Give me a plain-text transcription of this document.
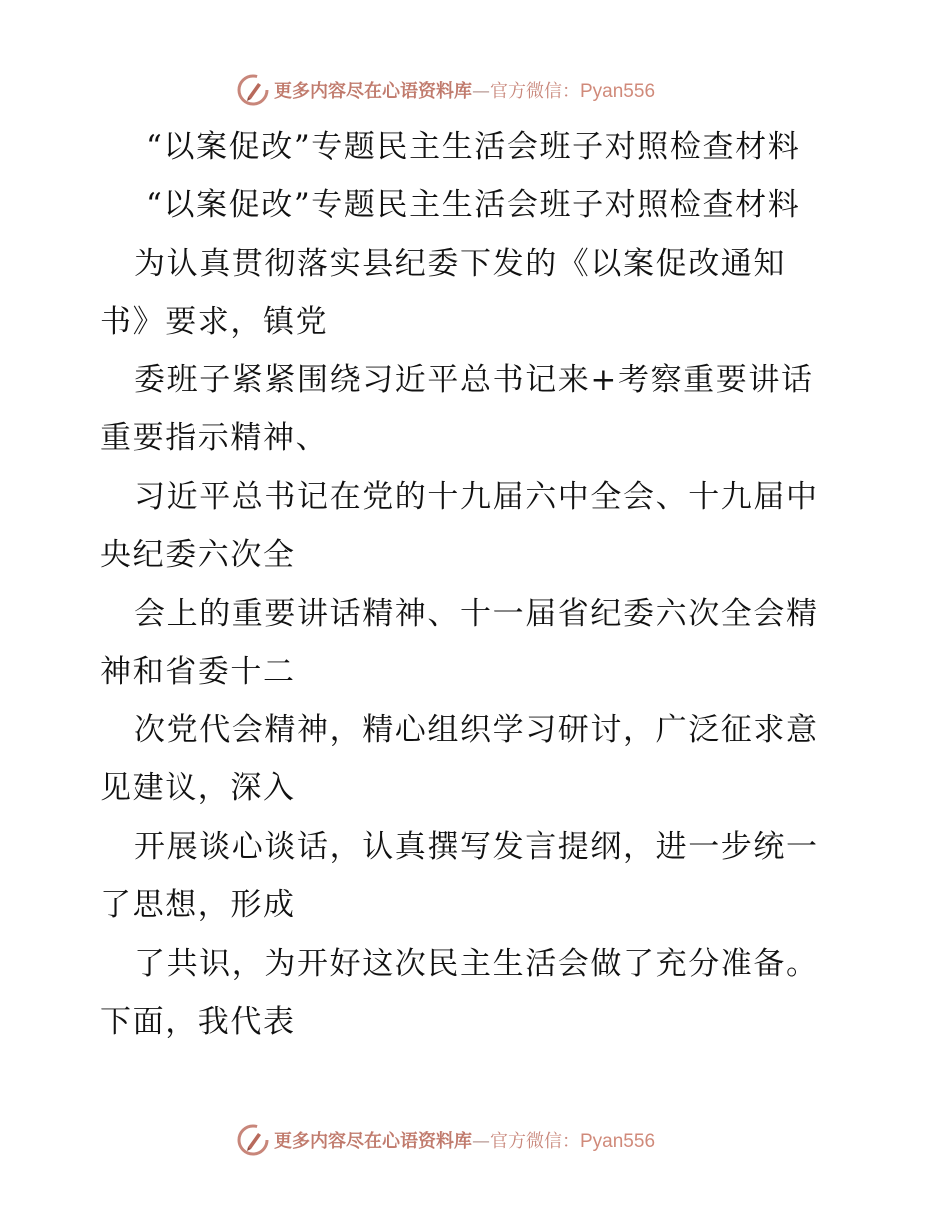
更多内容尽在心语资料库—官方微信：Pyan556
“以案促改”专题民主生活会班子对照检查材料
“以案促改”专题民主生活会班子对照检查材料
为认真贯彻落实县纪委下发的《以案促改通知
书》要求，镇党
委班子紧紧围绕习近平总书记来+考察重要讲话
重要指示精神、
习近平总书记在党的十九届六中全会、十九届中
央纪委六次全
会上的重要讲话精神、十一届省纪委六次全会精
神和省委十二
次党代会精神，精心组织学习研讨，广泛征求意
见建议，深入
开展谈心谈话，认真撰写发言提纲，进一步统一
了思想，形成
了共识，为开好这次民主生活会做了充分准备。
下面，我代表
更多内容尽在心语资料库—官方微信：Pyan556
